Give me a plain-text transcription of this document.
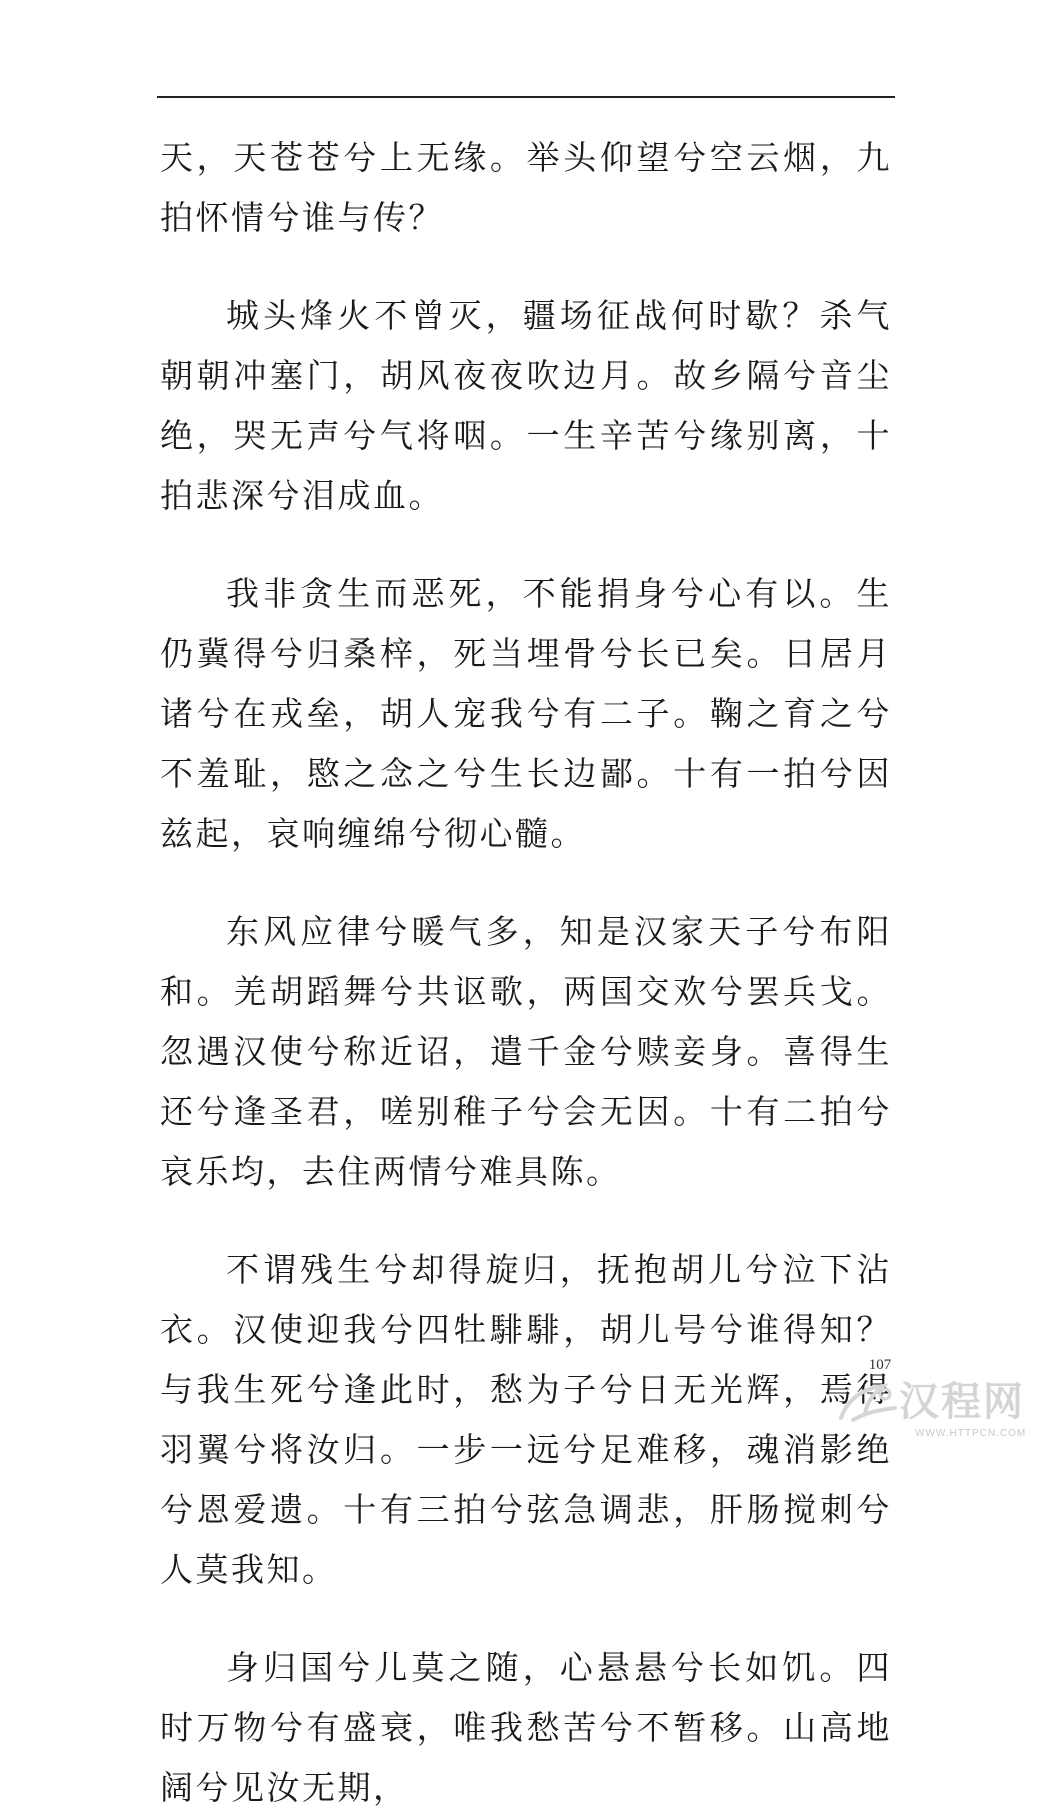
天，天苍苍兮上无缘。举头仰望兮空云烟，九拍怀情兮谁与传？

城头烽火不曾灭，疆场征战何时歇？杀气朝朝冲塞门，胡风夜夜吹边月。故乡隔兮音尘绝，哭无声兮气将咽。一生辛苦兮缘别离，十拍悲深兮泪成血。

我非贪生而恶死，不能捐身兮心有以。生仍冀得兮归桑梓，死当埋骨兮长已矣。日居月诸兮在戎垒，胡人宠我兮有二子。鞠之育之兮不羞耻，愍之念之兮生长边鄙。十有一拍兮因兹起，哀响缠绵兮彻心髓。

东风应律兮暖气多，知是汉家天子兮布阳和。羌胡蹈舞兮共讴歌，两国交欢兮罢兵戈。忽遇汉使兮称近诏，遣千金兮赎妾身。喜得生还兮逢圣君，嗟别稚子兮会无因。十有二拍兮哀乐均，去住两情兮难具陈。

不谓残生兮却得旋归，抚抱胡儿兮泣下沾衣。汉使迎我兮四牡騑騑，胡儿号兮谁得知？与我生死兮逢此时，愁为子兮日无光辉，焉得羽翼兮将汝归。一步一远兮足难移，魂消影绝兮恩爱遗。十有三拍兮弦急调悲，肝肠搅刺兮人莫我知。

身归国兮儿莫之随，心悬悬兮长如饥。四时万物兮有盛衰，唯我愁苦兮不暂移。山高地阔兮见汝无期，

107
汉程网
WWW.HTTPCN.COM
